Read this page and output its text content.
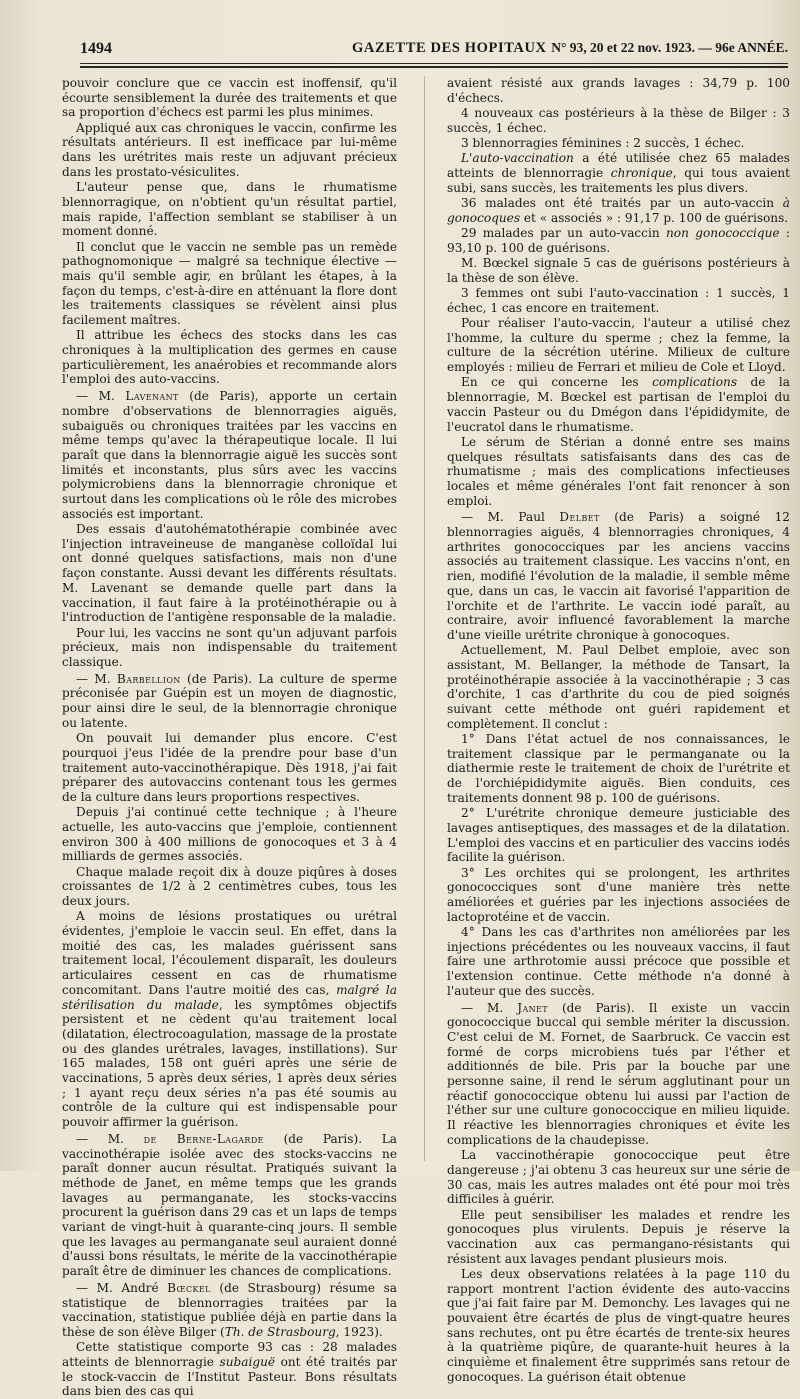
1494	GAZETTE DES HOPITAUX N° 93, 20 et 22 nov. 1923. — 96e ANNÉE.

pouvoir conclure que ce vaccin est inoffensif, qu'il écourte sensiblement la durée des traitements et que sa proportion d'échecs est parmi les plus minimes.

Appliqué aux cas chroniques le vaccin, confirme les résultats antérieurs. Il est inefficace par lui-même dans les urétrites mais reste un adjuvant précieux dans les prostato-vésiculites.

L'auteur pense que, dans le rhumatisme blennorragique, on n'obtient qu'un résultat partiel, mais rapide, l'affection semblant se stabiliser à un moment donné.

Il conclut que le vaccin ne semble pas un remède pathognomonique — malgré sa technique élective — mais qu'il semble agir, en brûlant les étapes, à la façon du temps, c'est-à-dire en atténuant la flore dont les traitements classiques se révèlent ainsi plus facilement maîtres.

Il attribue les échecs des stocks dans les cas chroniques à la multiplication des germes en cause particulièrement, les anaérobies et recommande alors l'emploi des auto-vaccins.

— M. Lavenant (de Paris), apporte un certain nombre d'observations de blennorragies aiguës, subaiguës ou chroniques traitées par les vaccins en même temps qu'avec la thérapeutique locale. Il lui paraît que dans la blennorragie aiguë les succès sont limités et inconstants, plus sûrs avec les vaccins polymicrobiens dans la blennorragie chronique et surtout dans les complications où le rôle des microbes associés est important.

Des essais d'autohématothérapie combinée avec l'injection intraveineuse de manganèse colloïdal lui ont donné quelques satisfactions, mais non d'une façon constante. Aussi devant les différents résultats. M. Lavenant se demande quelle part dans la vaccination, il faut faire à la protéinothérapie ou à l'introduction de l'antigène responsable de la maladie.

Pour lui, les vaccins ne sont qu'un adjuvant parfois précieux, mais non indispensable du traitement classique.

— M. Barbellion (de Paris). La culture de sperme préconisée par Guépin est un moyen de diagnostic, pour ainsi dire le seul, de la blennorragie chronique ou latente.

On pouvait lui demander plus encore. C'est pourquoi j'eus l'idée de la prendre pour base d'un traitement auto-vaccinothérapique. Dès 1918, j'ai fait préparer des autovaccins contenant tous les germes de la culture dans leurs proportions respectives.

Depuis j'ai continué cette technique ; à l'heure actuelle, les auto-vaccins que j'emploie, contiennent environ 300 à 400 millions de gonocoques et 3 à 4 milliards de germes associés.

Chaque malade reçoit dix à douze piqûres à doses croissantes de 1/2 à 2 centimètres cubes, tous les deux jours.

A moins de lésions prostatiques ou urétral évidentes, j'emploie le vaccin seul. En effet, dans la moitié des cas, les malades guérissent sans traitement local, l'écoulement disparaît, les douleurs articulaires cessent en cas de rhumatisme concomitant. Dans l'autre moitié des cas, malgré la stérilisation du malade, les symptômes objectifs persistent et ne cèdent qu'au traitement local (dilatation, électrocoagulation, massage de la prostate ou des glandes urétrales, lavages, instillations). Sur 165 malades, 158 ont guéri après une série de vaccinations, 5 après deux séries, 1 après deux séries ; 1 ayant reçu deux séries n'a pas été soumis au contrôle de la culture qui est indispensable pour pouvoir affirmer la guérison.

— M. de Berne-Lagarde (de Paris). La vaccinothérapie isolée avec des stocks-vaccins ne paraît donner aucun résultat. Pratiqués suivant la méthode de Janet, en même temps que les grands lavages au permanganate, les stocks-vaccins procurent la guérison dans 29 cas et un laps de temps variant de vingt-huit à quarante-cinq jours. Il semble que les lavages au permanganate seul auraient donné d'aussi bons résultats, le mérite de la vaccinothérapie paraît être de diminuer les chances de complications.

— M. André Bœckel (de Strasbourg) résume sa statistique de blennorragies traitées par la vaccination, statistique publiée déjà en partie dans la thèse de son élève Bilger (Th. de Strasbourg, 1923).

Cette statistique comporte 93 cas : 28 malades atteints de blennorragie subaiguë ont été traités par le stock-vaccin de l'Institut Pasteur. Bons résultats dans bien des cas qui

avaient résisté aux grands lavages : 34,79 p. 100 d'échecs.

4 nouveaux cas postérieurs à la thèse de Bilger : 3 succès, 1 échec.

3 blennorragies féminines : 2 succès, 1 échec.

L'auto-vaccination a été utilisée chez 65 malades atteints de blennorragie chronique, qui tous avaient subi, sans succès, les traitements les plus divers.

36 malades ont été traités par un auto-vaccin à gonocoques et « associés » : 91,17 p. 100 de guérisons.

29 malades par un auto-vaccin non gonococcique : 93,10 p. 100 de guérisons.

M. Bœckel signale 5 cas de guérisons postérieurs à la thèse de son élève.

3 femmes ont subi l'auto-vaccination : 1 succès, 1 échec, 1 cas encore en traitement.

Pour réaliser l'auto-vaccin, l'auteur a utilisé chez l'homme, la culture du sperme ; chez la femme, la culture de la sécrétion utérine. Milieux de culture employés : milieu de Ferrari et milieu de Cole et Lloyd.

En ce qui concerne les complications de la blennorragie, M. Bœckel est partisan de l'emploi du vaccin Pasteur ou du Dmégon dans l'épididymite, de l'eucratol dans le rhumatisme.

Le sérum de Stérian a donné entre ses mains quelques résultats satisfaisants dans des cas de rhumatisme ; mais des complications infectieuses locales et même générales l'ont fait renoncer à son emploi.

— M. Paul Delbet (de Paris) a soigné 12 blennorragies aiguës, 4 blennorragies chroniques, 4 arthrites gonococciques par les anciens vaccins associés au traitement classique. Les vaccins n'ont, en rien, modifié l'évolution de la maladie, il semble même que, dans un cas, le vaccin ait favorisé l'apparition de l'orchite et de l'arthrite. Le vaccin iodé paraît, au contraire, avoir influencé favorablement la marche d'une vieille urétrite chronique à gonocoques.

Actuellement, M. Paul Delbet emploie, avec son assistant, M. Bellanger, la méthode de Tansart, la protéinothérapie associée à la vaccinothérapie ; 3 cas d'orchite, 1 cas d'arthrite du cou de pied soignés suivant cette méthode ont guéri rapidement et complètement. Il conclut :

1° Dans l'état actuel de nos connaissances, le traitement classique par le permanganate ou la diathermie reste le traitement de choix de l'urétrite et de l'orchiépididymite aiguës. Bien conduits, ces traitements donnent 98 p. 100 de guérisons.

2° L'urétrite chronique demeure justiciable des lavages antiseptiques, des massages et de la dilatation. L'emploi des vaccins et en particulier des vaccins iodés facilite la guérison.

3° Les orchites qui se prolongent, les arthrites gonococciques sont d'une manière très nette améliorées et guéries par les injections associées de lactoprotéine et de vaccin.

4° Dans les cas d'arthrites non améliorées par les injections précédentes ou les nouveaux vaccins, il faut faire une arthrotomie aussi précoce que possible et l'extension continue. Cette méthode n'a donné à l'auteur que des succès.

— M. Janet (de Paris). Il existe un vaccin gonococcique buccal qui semble mériter la discussion. C'est celui de M. Fornet, de Saarbruck. Ce vaccin est formé de corps microbiens tués par l'éther et additionnés de bile. Pris par la bouche par une personne saine, il rend le sérum agglutinant pour un réactif gonococcique obtenu lui aussi par l'action de l'éther sur une culture gonococcique en milieu liquide. Il réactive les blennorragies chroniques et évite les complications de la chaudepisse.

La vaccinothérapie gonococcique peut être dangereuse ; j'ai obtenu 3 cas heureux sur une série de 30 cas, mais les autres malades ont été pour moi très difficiles à guérir.

Elle peut sensibiliser les malades et rendre les gonocoques plus virulents. Depuis je réserve la vaccination aux cas permangano-résistants qui résistent aux lavages pendant plusieurs mois.

Les deux observations relatées à la page 110 du rapport montrent l'action évidente des auto-vaccins que j'ai fait faire par M. Demonchy. Les lavages qui ne pouvaient être écartés de plus de vingt-quatre heures sans rechutes, ont pu être écartés de trente-six heures à la quatrième piqûre, de quarante-huit heures à la cinquième et finalement être supprimés sans retour de gonocoques. La guérison était obtenue
